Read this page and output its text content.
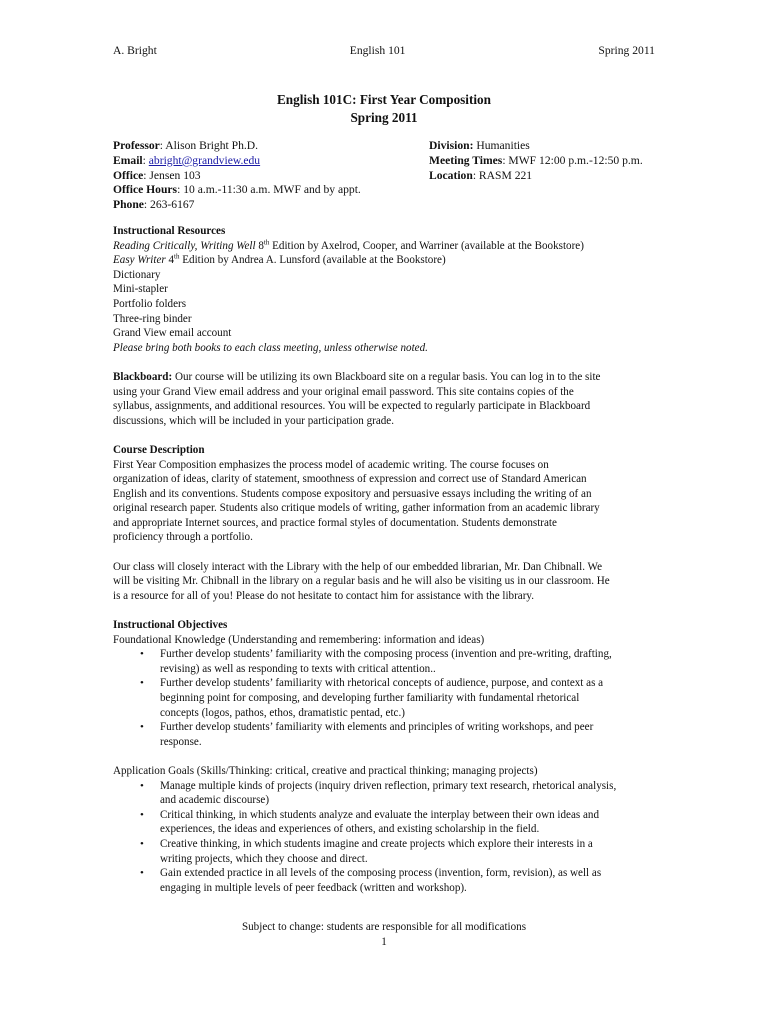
A. Bright	English 101	Spring 2011
English 101C: First Year Composition
Spring 2011
Professor: Alison Bright Ph.D.
Email: abright@grandview.edu
Office: Jensen 103
Office Hours: 10 a.m.-11:30 a.m. MWF and by appt.
Phone: 263-6167
Division: Humanities
Meeting Times: MWF 12:00 p.m.-12:50 p.m.
Location: RASM 221
Instructional Resources
Reading Critically, Writing Well 8th Edition by Axelrod, Cooper, and Warriner (available at the Bookstore)
Easy Writer 4th Edition by Andrea A. Lunsford (available at the Bookstore)
Dictionary
Mini-stapler
Portfolio folders
Three-ring binder
Grand View email account
Please bring both books to each class meeting, unless otherwise noted.
Blackboard: Our course will be utilizing its own Blackboard site on a regular basis. You can log in to the site
using your Grand View email address and your original email password. This site contains copies of the
syllabus, assignments, and additional resources. You will be expected to regularly participate in Blackboard
discussions, which will be included in your participation grade.
Course Description
First Year Composition emphasizes the process model of academic writing. The course focuses on
organization of ideas, clarity of statement, smoothness of expression and correct use of Standard American
English and its conventions. Students compose expository and persuasive essays including the writing of an
original research paper. Students also critique models of writing, gather information from an academic library
and appropriate Internet sources, and practice formal styles of documentation. Students demonstrate
proficiency through a portfolio.
Our class will closely interact with the Library with the help of our embedded librarian, Mr. Dan Chibnall. We
will be visiting Mr. Chibnall in the library on a regular basis and he will also be visiting us in our classroom. He
is a resource for all of you! Please do not hesitate to contact him for assistance with the library.
Instructional Objectives
Foundational Knowledge (Understanding and remembering: information and ideas)
• Further develop students’ familiarity with the composing process (invention and pre-writing, drafting,
revising) as well as responding to texts with critical attention..
• Further develop students’ familiarity with rhetorical concepts of audience, purpose, and context as a
beginning point for composing, and developing further familiarity with fundamental rhetorical
concepts (logos, pathos, ethos, dramatistic pentad, etc.)
• Further develop students’ familiarity with elements and principles of writing workshops, and peer
response.
Application Goals (Skills/Thinking: critical, creative and practical thinking; managing projects)
• Manage multiple kinds of projects (inquiry driven reflection, primary text research, rhetorical analysis,
and academic discourse)
• Critical thinking, in which students analyze and evaluate the interplay between their own ideas and
experiences, the ideas and experiences of others, and existing scholarship in the field.
• Creative thinking, in which students imagine and create projects which explore their interests in a
writing projects, which they choose and direct.
• Gain extended practice in all levels of the composing process (invention, form, revision), as well as
engaging in multiple levels of peer feedback (written and workshop).
Subject to change: students are responsible for all modifications
1
